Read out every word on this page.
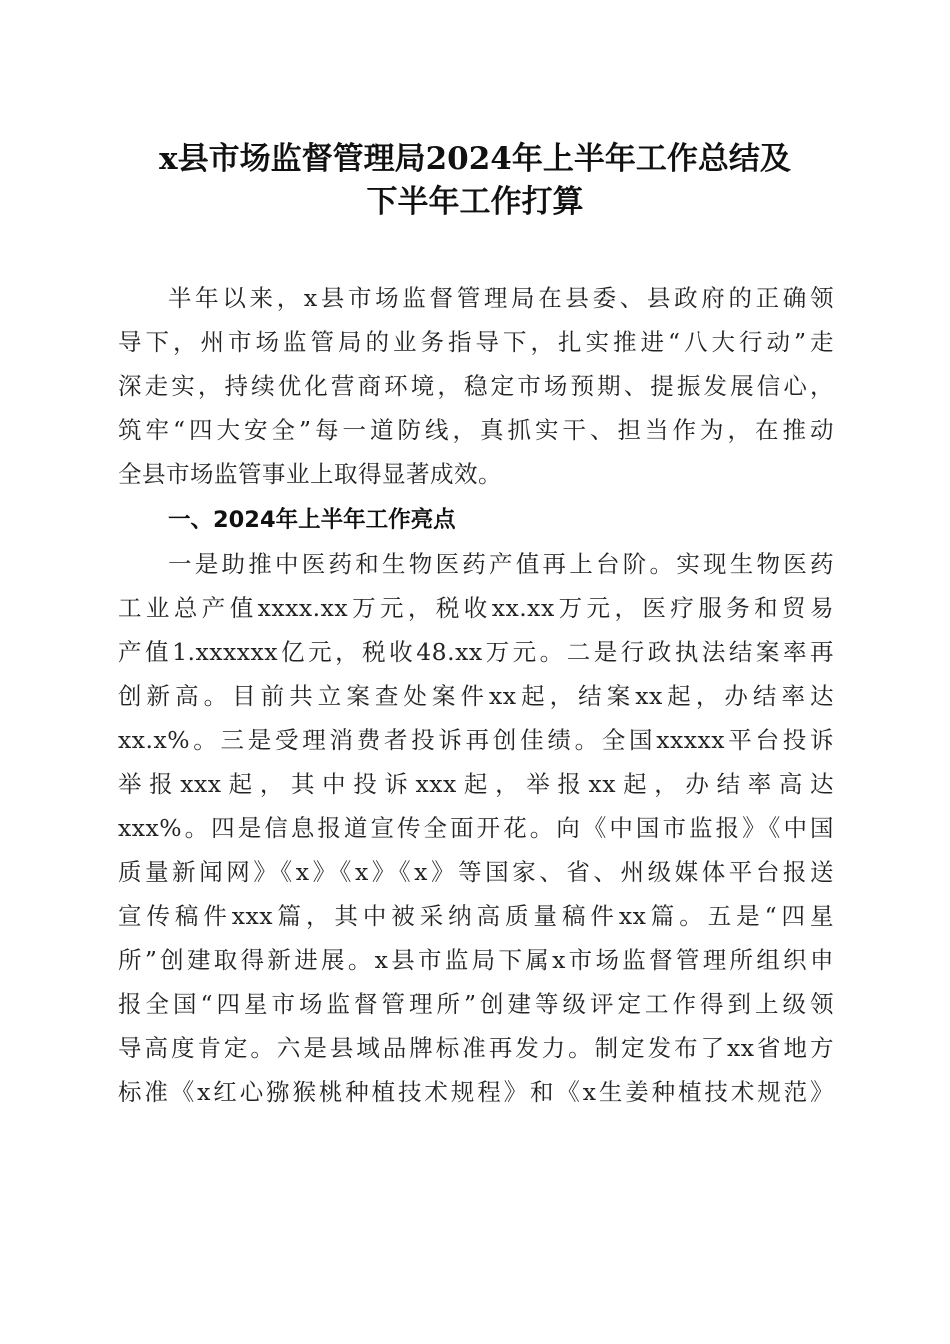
x县市场监督管理局2024年上半年工作总结及
下半年工作打算
半年以来，x县市场监督管理局在县委、县政府的正确领
导下，州市场监管局的业务指导下，扎实推进“八大行动”走
深走实，持续优化营商环境，稳定市场预期、提振发展信心，
筑牢“四大安全”每一道防线，真抓实干、担当作为，在推动
全县市场监管事业上取得显著成效。
一、2024年上半年工作亮点
一是助推中医药和生物医药产值再上台阶。实现生物医药
工业总产值xxxx.xx万元，税收xx.xx万元，医疗服务和贸易
产值1.xxxxxx亿元，税收48.xx万元。二是行政执法结案率再
创新高。目前共立案查处案件xx起，结案xx起，办结率达
xx.x%。三是受理消费者投诉再创佳绩。全国xxxxx平台投诉
举报xxx起，其中投诉xxx起，举报xx起，办结率高达
xxx%。四是信息报道宣传全面开花。向《中国市监报》《中国
质量新闻网》《x》《x》《x》等国家、省、州级媒体平台报送
宣传稿件xxx篇，其中被采纳高质量稿件xx篇。五是“四星
所”创建取得新进展。x县市监局下属x市场监督管理所组织申
报全国“四星市场监督管理所”创建等级评定工作得到上级领
导高度肯定。六是县域品牌标准再发力。制定发布了xx省地方
标准《x红心猕猴桃种植技术规程》和《x生姜种植技术规范》
